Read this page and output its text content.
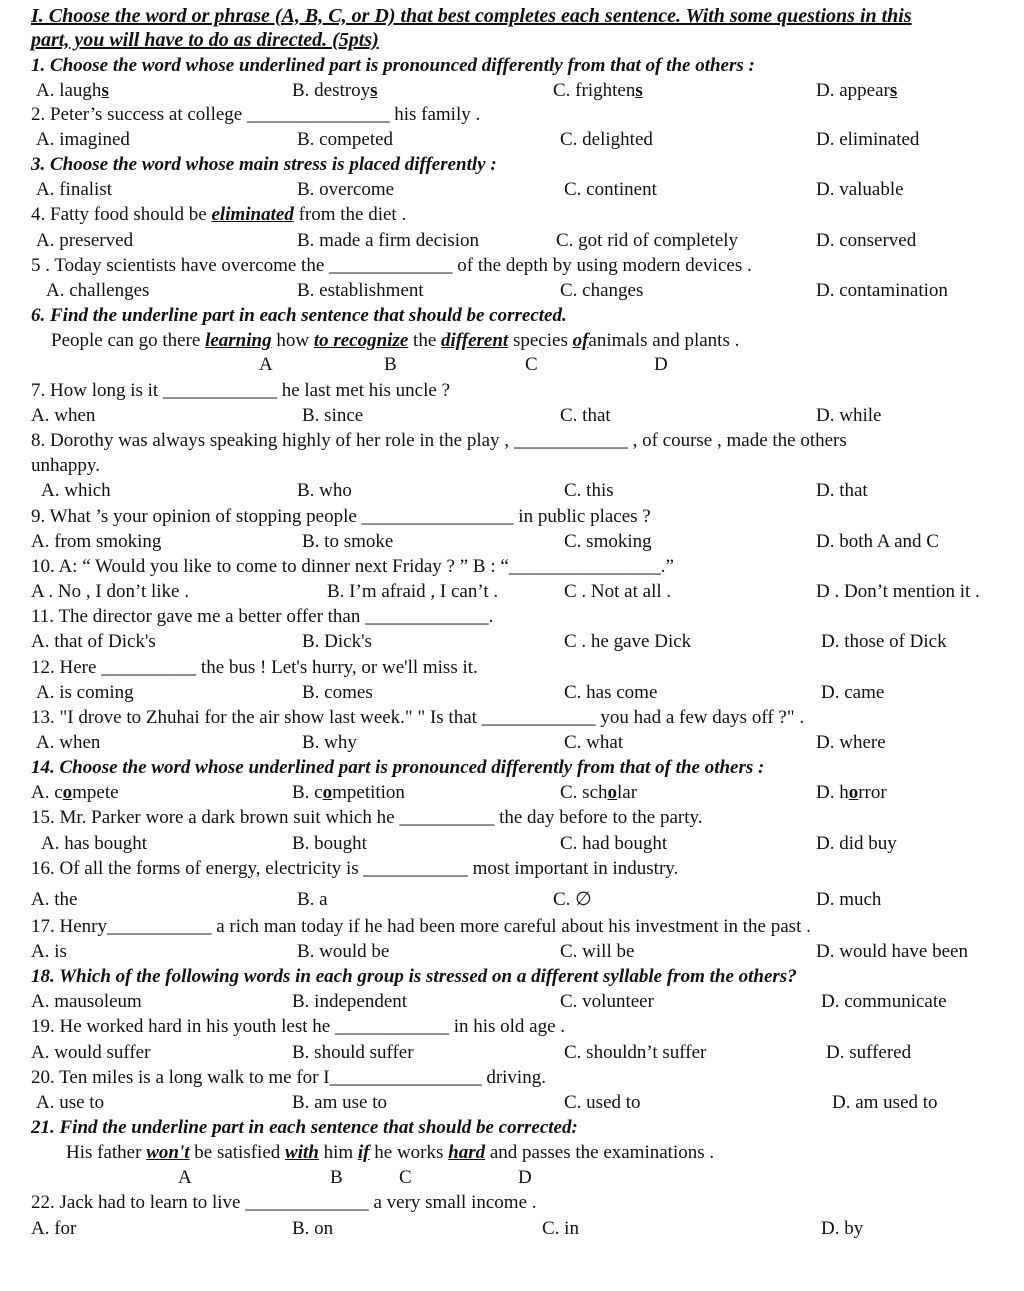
I. Choose the word or phrase (A, B, C, or D) that best completes each sentence. With some questions in this
part, you will have to do as directed. (5pts)
1. Choose the word whose underlined part is pronounced differently from that of the others :
A. laughs	B. destroys	C. frightens	D. appears
2. Peter’s success at college _______________ his family .
A. imagined	B. competed	C. delighted	D. eliminated
3. Choose the word whose main stress is placed differently :
A. finalist	B. overcome	C. continent	D. valuable
4. Fatty food should be eliminated from the diet .
A. preserved	B. made a firm decision	C. got rid of completely	D. conserved
5 . Today scientists have overcome the _____________ of the depth by using modern devices .
A. challenges	B. establishment	C. changes	D. contamination
6. Find the underline part in each sentence that should be corrected.
People can go there learning how to recognize the different species ofanimals and plants .
A	B	C	D
7. How long is it ____________ he last met his uncle ?
A. when	B. since	C. that	D. while
8. Dorothy was always speaking highly of her role in the play , ____________ , of course , made the others
unhappy.
A. which	B. who	C. this	D. that
9. What ’s your opinion of stopping people ________________ in public places ?
A. from smoking	B. to smoke	C. smoking	D. both A and C
10. A: “ Would you like to come to dinner next Friday ? ” B : “________________.”
A . No , I don’t like .	B. I’m afraid , I can’t .	C . Not at all .	D . Don’t mention it .
11. The director gave me a better offer than _____________.
A. that of Dick's	B. Dick's	C . he gave Dick	D. those of Dick
12. Here __________ the bus ! Let's hurry, or we'll miss it.
A. is coming	B. comes	C. has come	D. came
13. "I drove to Zhuhai for the air show last week." " Is that ____________ you had a few days off ?" .
A. when	B. why	C. what	D. where
14. Choose the word whose underlined part is pronounced differently from that of the others :
A. compete	B. competition	C. scholar	D. horror
15. Mr. Parker wore a dark brown suit which he __________ the day before to the party.
A. has bought	B. bought	C. had bought	D. did buy
16. Of all the forms of energy, electricity is ___________ most important in industry.
A. the	B. a	C. ∅	D. much
17. Henry___________ a rich man today if he had been more careful about his investment in the past .
A. is	B. would be	C. will be	D. would have been
18. Which of the following words in each group is stressed on a different syllable from the others?
A. mausoleum	B. independent	C. volunteer	D. communicate
19. He worked hard in his youth lest he ____________ in his old age .
A. would suffer	B. should suffer	C. shouldn’t suffer	D. suffered
20. Ten miles is a long walk to me for I________________ driving.
A. use to	B. am use to	C. used to	D. am used to
21. Find the underline part in each sentence that should be corrected:
His father won't be satisfied with him if he works hard and passes the examinations .
A	B	C	D
22. Jack had to learn to live _____________ a very small income .
A. for	B. on	C. in	D. by
